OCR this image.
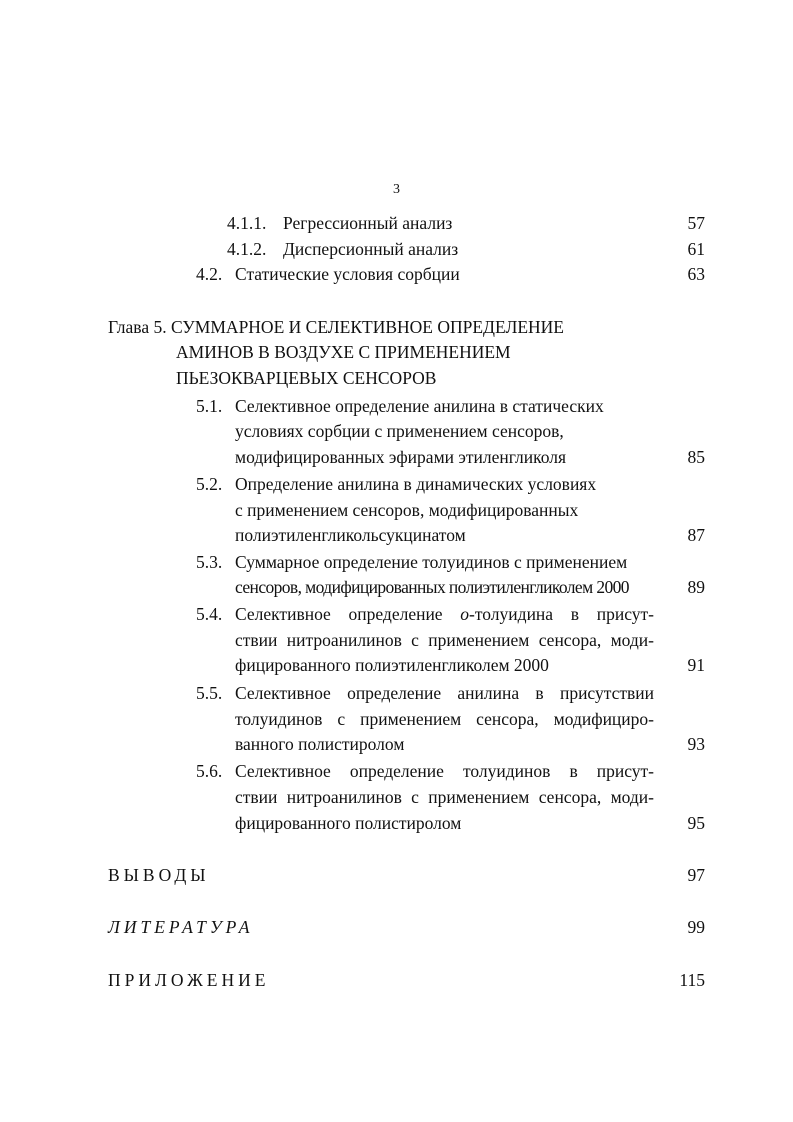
3
4.1.1. Регрессионный анализ	57
4.1.2. Дисперсионный анализ	61
4.2. Статические условия сорбции	63
Глава 5. СУММАРНОЕ И СЕЛЕКТИВНОЕ ОПРЕДЕЛЕНИЕ
АМИНОВ В ВОЗДУХЕ С ПРИМЕНЕНИЕМ
ПЬЕЗОКВАРЦЕВЫХ СЕНСОРОВ
5.1. Селективное определение анилина в статических
условиях сорбции с применением сенсоров,
модифицированных эфирами этиленгликоля	85
5.2. Определение анилина в динамических условиях
с применением сенсоров, модифицированных
полиэтиленгликольсукцинатом	87
5.3. Суммарное определение толуидинов с применением
сенсоров, модифицированных полиэтиленгликолем 2000	89
5.4. Селективное определение о-толуидина в присут-
ствии нитроанилинов с применением сенсора, моди-
фицированного полиэтиленгликолем 2000	91
5.5. Селективное определение анилина в присутствии
толуидинов с применением сенсора, модифициро-
ванного полистиролом	93
5.6. Селективное определение толуидинов в присут-
ствии нитроанилинов с применением сенсора, моди-
фицированного полистиролом	95
ВЫВОДЫ	97
ЛИТЕРАТУРА	99
ПРИЛОЖЕНИЕ	115
